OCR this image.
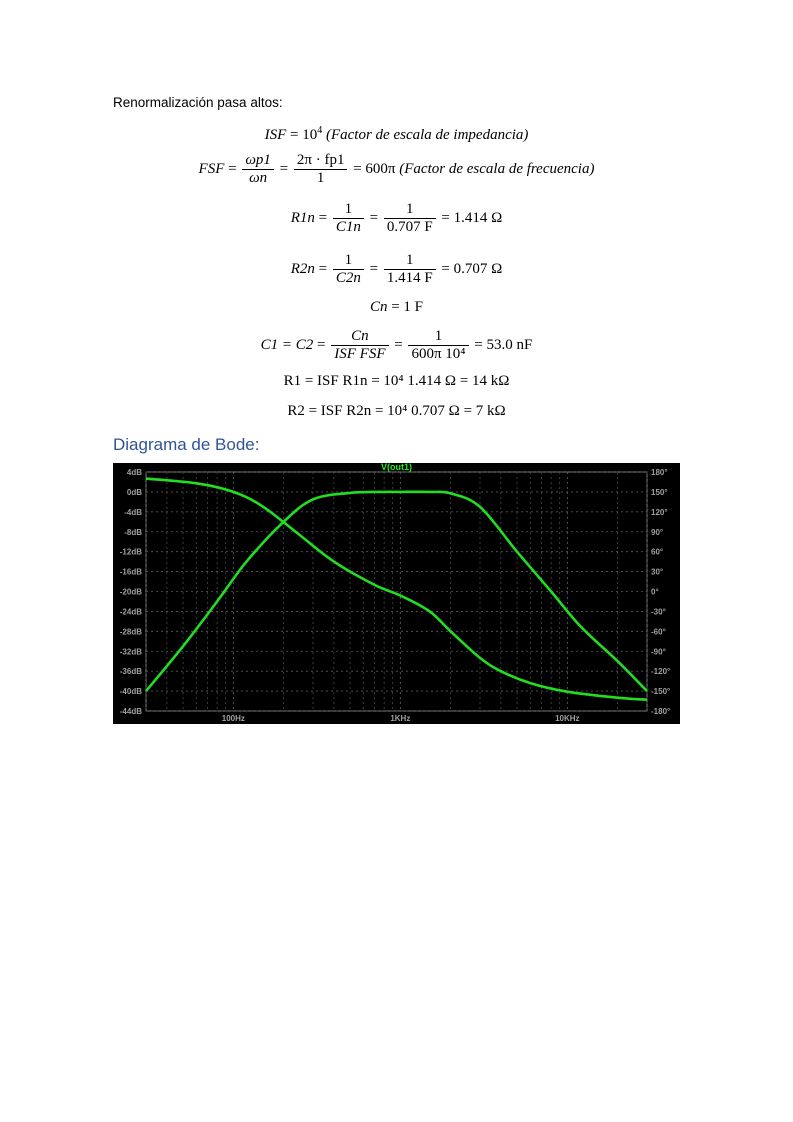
Renormalización pasa altos:
ISF = $10^4$ (Factor de escala de impedancia)
FSF = $\frac{\omega p1}{\omega n} = \frac{2\pi \cdot fp1}{1} = 600\pi$ (Factor de escala de frecuencia)
$R1n = \frac{1}{C1n} = \frac{1}{0.707 F} = 1.414$ Ω
$R2n = \frac{1}{C2n} = \frac{1}{1.414 F} = 0.707$ Ω
Cn = 1 F
$C1 = C2 = \frac{Cn}{\text{ISF FSF}} = \frac{1}{\text{600π 10⁴}} = 53.0$ nF
R1 = ISF R1n = 10⁴ 1.414 Ω = 14 kΩ
R2 = ISF R2n = 10⁴ 0.707 Ω = 7 kΩ
Diagrama de Bode:
4dB
0dB
-4dB
-8dB
-12dB
-16dB
-20dB
-24dB
-28dB
-32dB
-36dB
-40dB
-44dB
180°
150°
120°
90°
60°
30°
0°
-30°
-60°
-90°
-120°
-150°
-180°
100Hz	1KHz	10KHz
V(out1)
